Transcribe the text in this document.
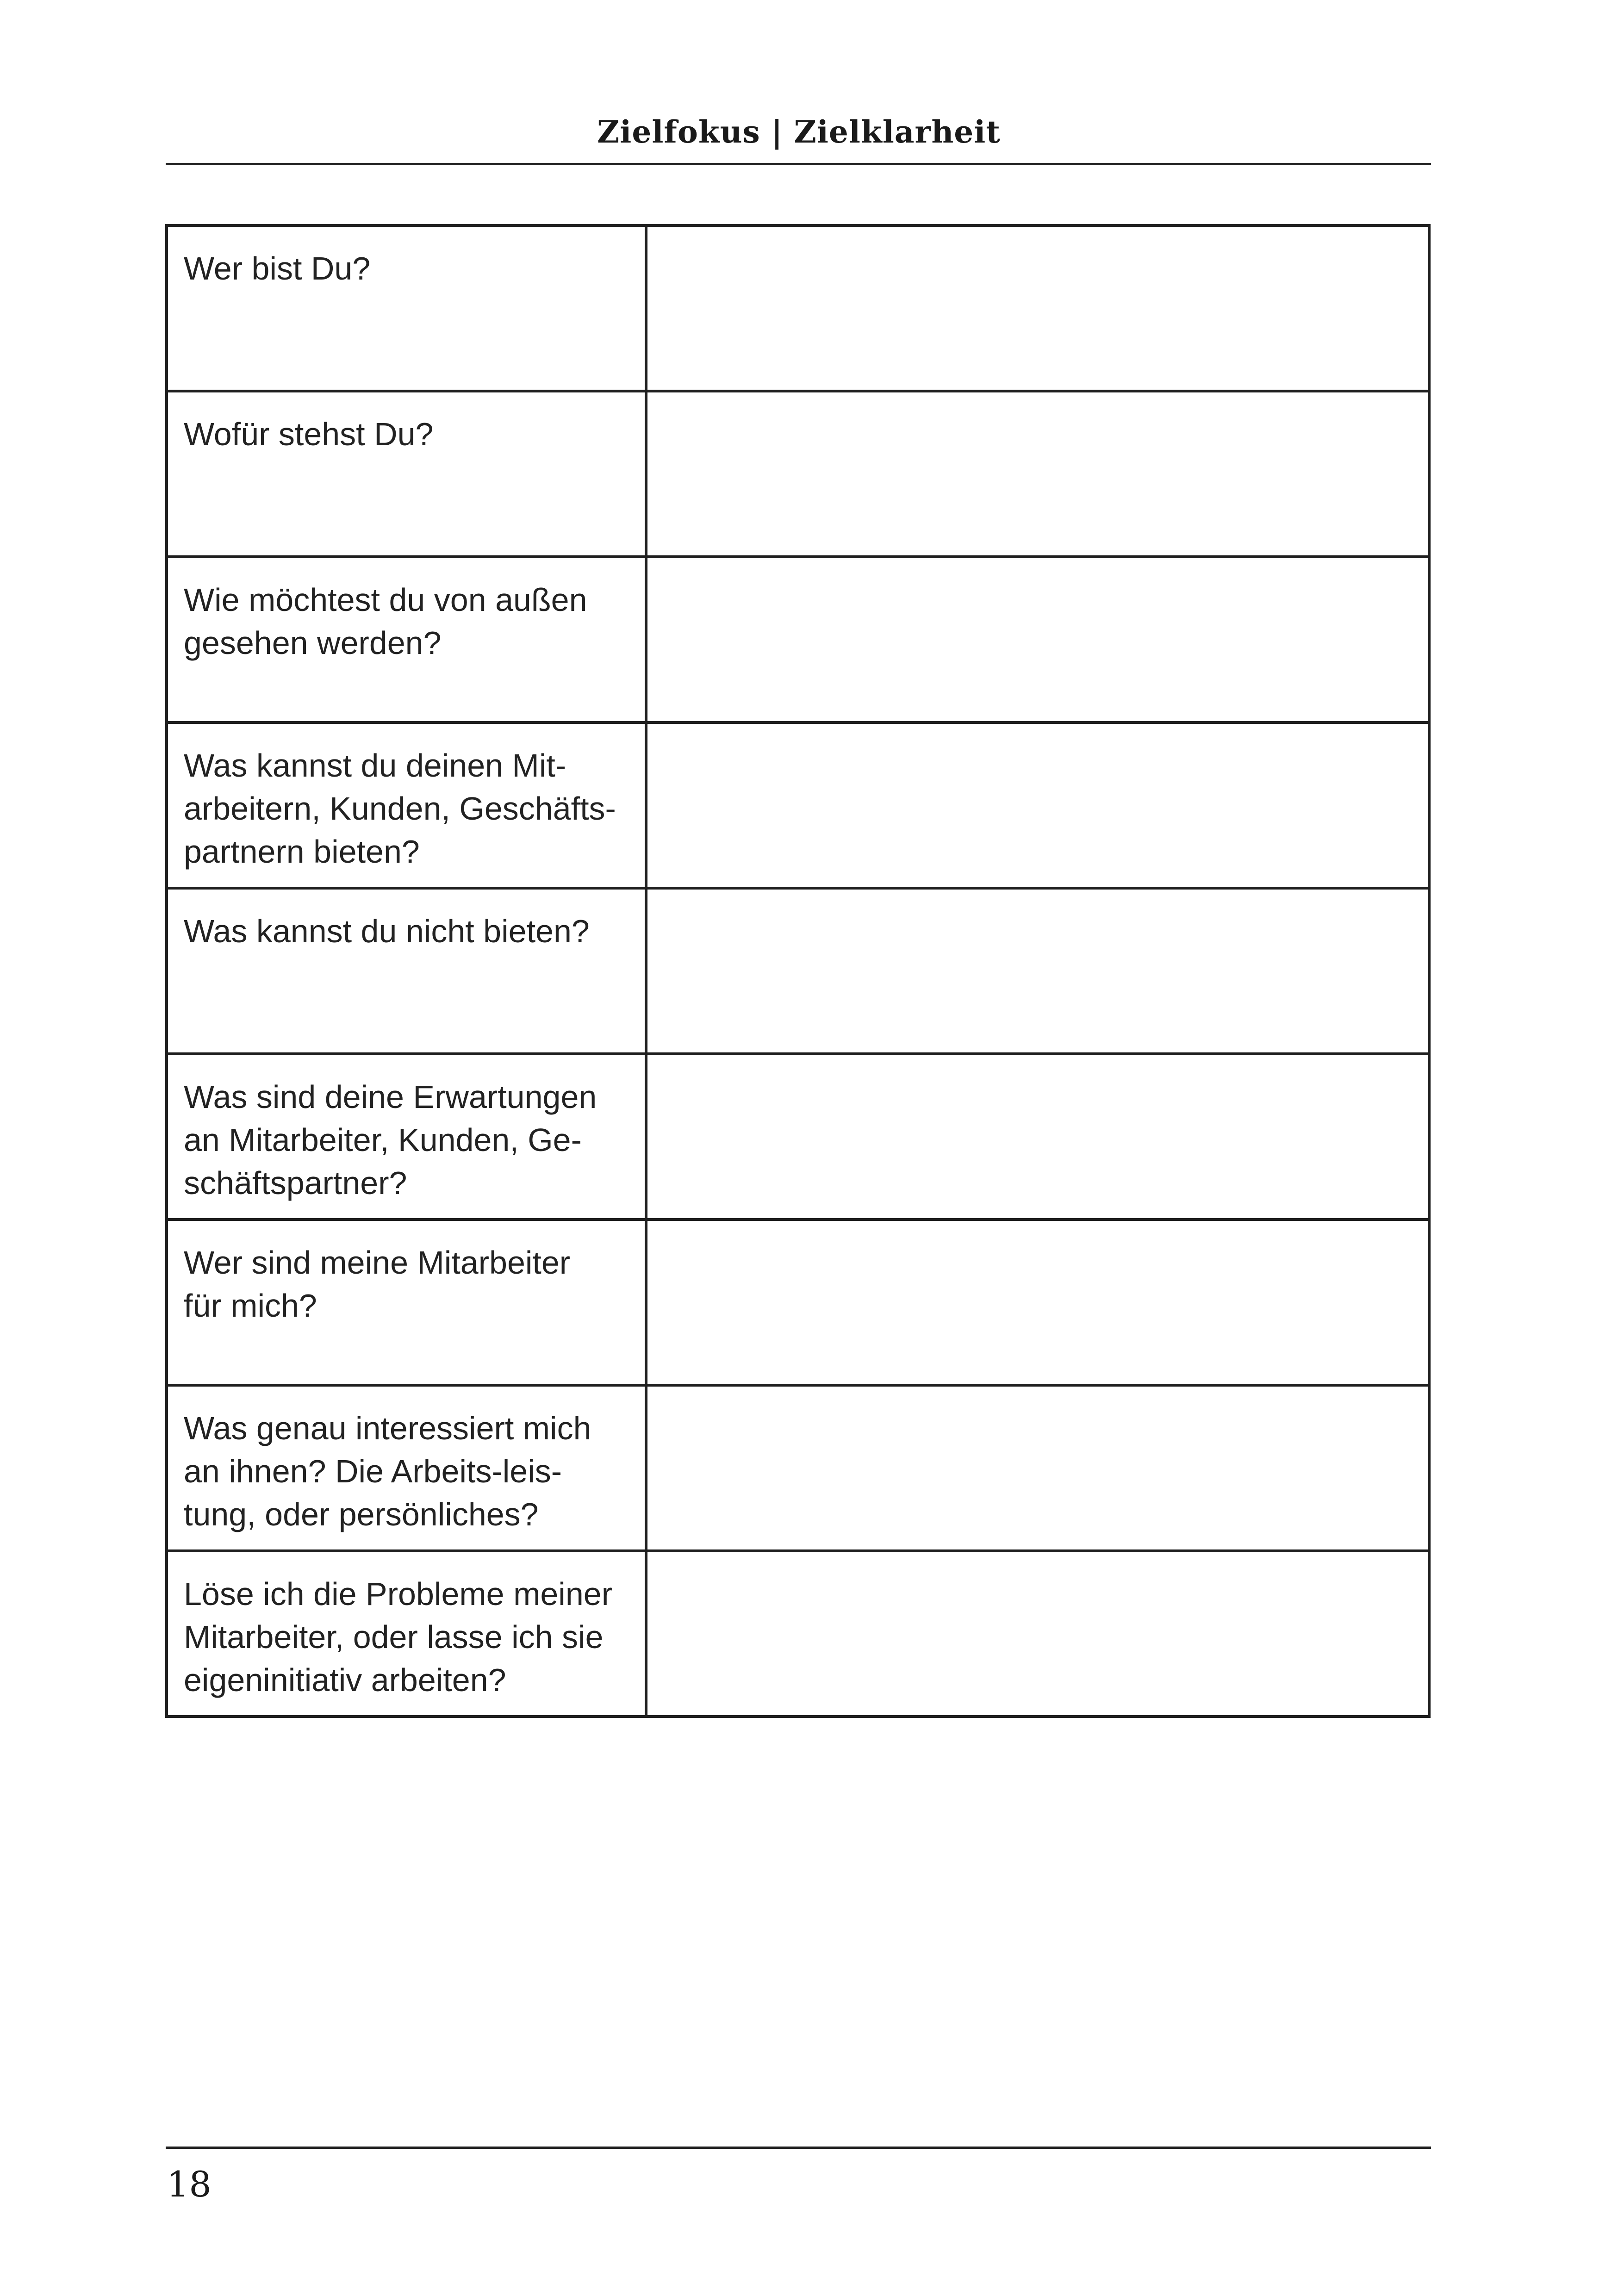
Zielfokus | Zielklarheit
Wer bist Du?	

Wofür stehst Du?	

Wie möchtest du von außen
gesehen werden?	

Was kannst du deinen Mit-
arbeitern, Kunden, Geschäfts-
partnern bieten?	

Was kannst du nicht bieten?	

Was sind deine Erwartungen
an Mitarbeiter, Kunden, Ge-
schäftspartner?	

Wer sind meine Mitarbeiter
für mich?	

Was genau interessiert mich
an ihnen? Die Arbeits-leis-
tung, oder persönliches?	

Löse ich die Probleme meiner
Mitarbeiter, oder lasse ich sie
eigeninitiativ arbeiten?	

18
